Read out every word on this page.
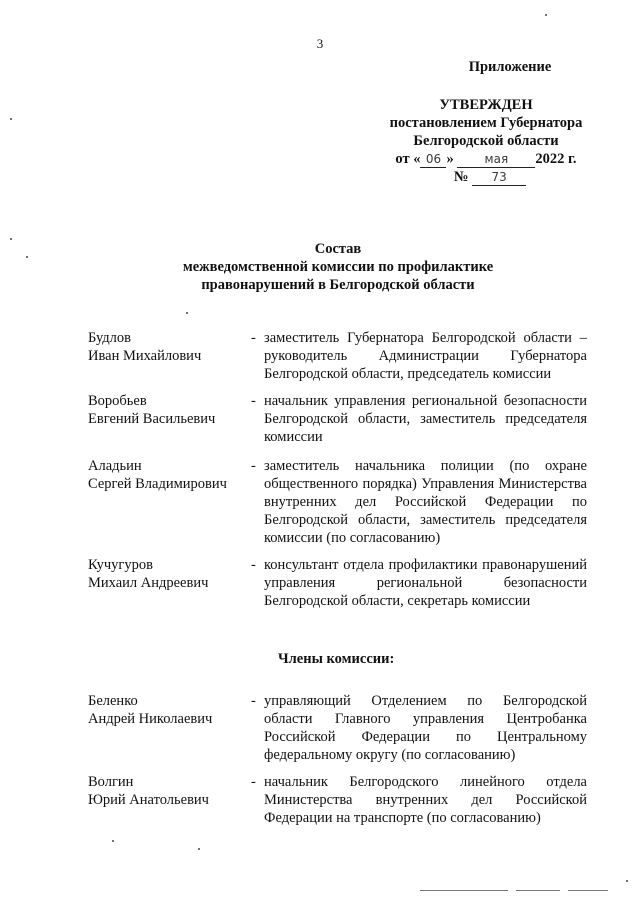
3
Приложение
УТВЕРЖДЕН
постановлением Губернатора
Белгородской области
от « 06 »	мая 2022 г.
№ 73
Состав
межведомственной комиссии по профилактике
правонарушений в Белгородской области
Будлов
Иван Михайлович
- заместитель Губернатора Белгородской области – руководитель Администрации Губернатора Белгородской области, председатель комиссии
Воробьев
Евгений Васильевич
- начальник управления региональной безопасности Белгородской области, заместитель председателя комиссии
Аладьин
Сергей Владимирович
- заместитель начальника полиции (по охране общественного порядка) Управления Министерства внутренних дел Российской Федерации по Белгородской области, заместитель председателя комиссии (по согласованию)
Кучугуров
Михаил Андреевич
- консультант отдела профилактики правонарушений управления региональной безопасности Белгородской области, секретарь комиссии
Члены комиссии:
Беленко
Андрей Николаевич
- управляющий Отделением по Белгородской области Главного управления Центробанка Российской Федерации по Центральному федеральному округу (по согласованию)
Волгин
Юрий Анатольевич
- начальник Белгородского линейного отдела Министерства внутренних дел Российской Федерации на транспорте (по согласованию)
